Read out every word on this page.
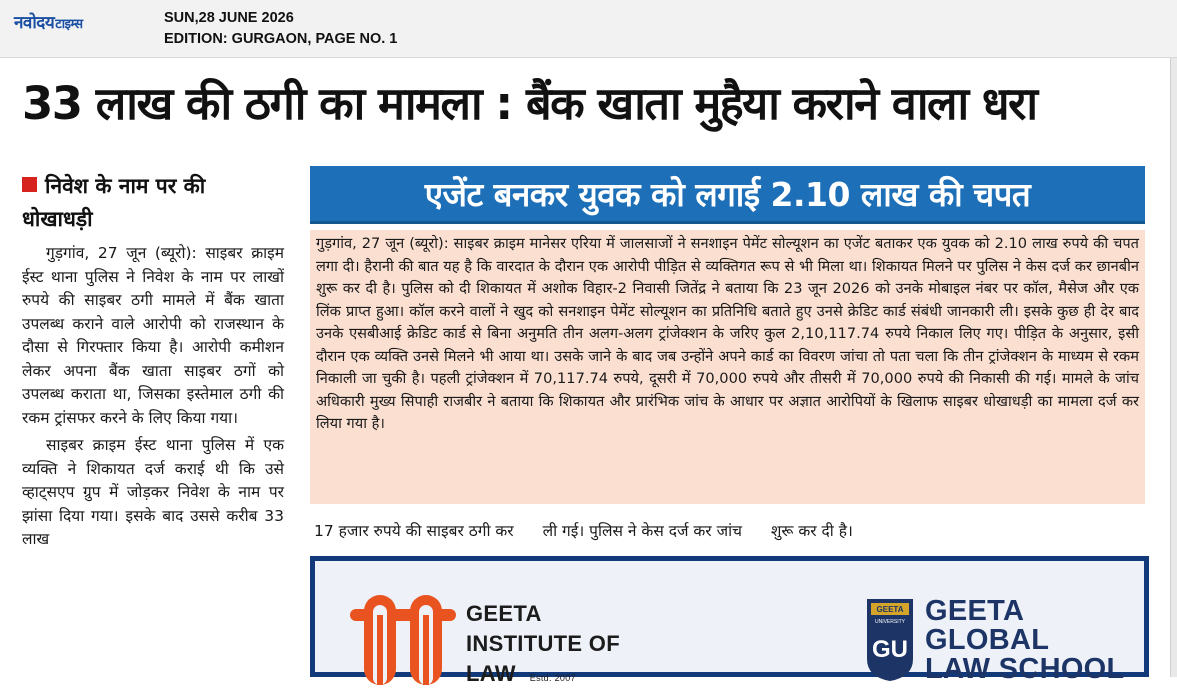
नवोदयटाइम्स	SUN,28 JUNE 2026
EDITION: GURGAON, PAGE NO. 1
33 लाख की ठगी का मामला : बैंक खाता मुहैया कराने वाला धरा
निवेश के नाम पर की
धोखाधड़ी

गुड़गांव, 27 जून (ब्यूरो): साइबर क्राइम ईस्ट थाना पुलिस ने निवेश के नाम पर लाखों रुपये की साइबर ठगी मामले में बैंक खाता उपलब्ध कराने वाले आरोपी को राजस्थान के दौसा से गिरफ्तार किया है। आरोपी कमीशन लेकर अपना बैंक खाता साइबर ठगों को उपलब्ध कराता था, जिसका इस्तेमाल ठगी की रकम ट्रांसफर करने के लिए किया गया।

साइबर क्राइम ईस्ट थाना पुलिस में एक व्यक्ति ने शिकायत दर्ज कराई थी कि उसे व्हाट्सएप ग्रुप में जोड़कर निवेश के नाम पर झांसा दिया गया। इसके बाद उससे करीब 33 लाख

एजेंट बनकर युवक को लगाई 2.10 लाख की चपत

गुड़गांव, 27 जून (ब्यूरो): साइबर क्राइम मानेसर एरिया में जालसाजों ने सनशाइन पेमेंट सोल्यूशन का एजेंट बताकर एक युवक को 2.10 लाख रुपये की चपत लगा दी। हैरानी की बात यह है कि वारदात के दौरान एक आरोपी पीड़ित से व्यक्तिगत रूप से भी मिला था। शिकायत मिलने पर पुलिस ने केस दर्ज कर छानबीन शुरू कर दी है। पुलिस को दी शिकायत में अशोक विहार-2 निवासी जितेंद्र ने बताया कि 23 जून 2026 को उनके मोबाइल नंबर पर कॉल, मैसेज और एक लिंक प्राप्त हुआ। कॉल करने वालों ने खुद को सनशाइन पेमेंट सोल्यूशन का प्रतिनिधि बताते हुए उनसे क्रेडिट कार्ड संबंधी जानकारी ली। इसके कुछ ही देर बाद उनके एसबीआई क्रेडिट कार्ड से बिना अनुमति तीन अलग-अलग ट्रांजेक्शन के जरिए कुल 2,10,117.74 रुपये निकाल लिए गए। पीड़ित के अनुसार, इसी दौरान एक व्यक्ति उनसे मिलने भी आया था। उसके जाने के बाद जब उन्होंने अपने कार्ड का विवरण जांचा तो पता चला कि तीन ट्रांजेक्शन के माध्यम से रकम निकाली जा चुकी है। पहली ट्रांजेक्शन में 70,117.74 रुपये, दूसरी में 70,000 रुपये और तीसरी में 70,000 रुपये की निकासी की गई। मामले के जांच अधिकारी मुख्य सिपाही राजबीर ने बताया कि शिकायत और प्रारंभिक जांच के आधार पर अज्ञात आरोपियों के खिलाफ साइबर धोखाधड़ी का मामला दर्ज कर लिया गया है।

17 हजार रुपये की साइबर ठगी कर ली गई। पुलिस ने केस दर्ज कर जांच शुरू कर दी है।
GEETA
INSTITUTE OF
LAW Estd. 2007
GEETA
UNIVERSITY
GU
GEETA
GLOBAL
LAW SCHOOL
